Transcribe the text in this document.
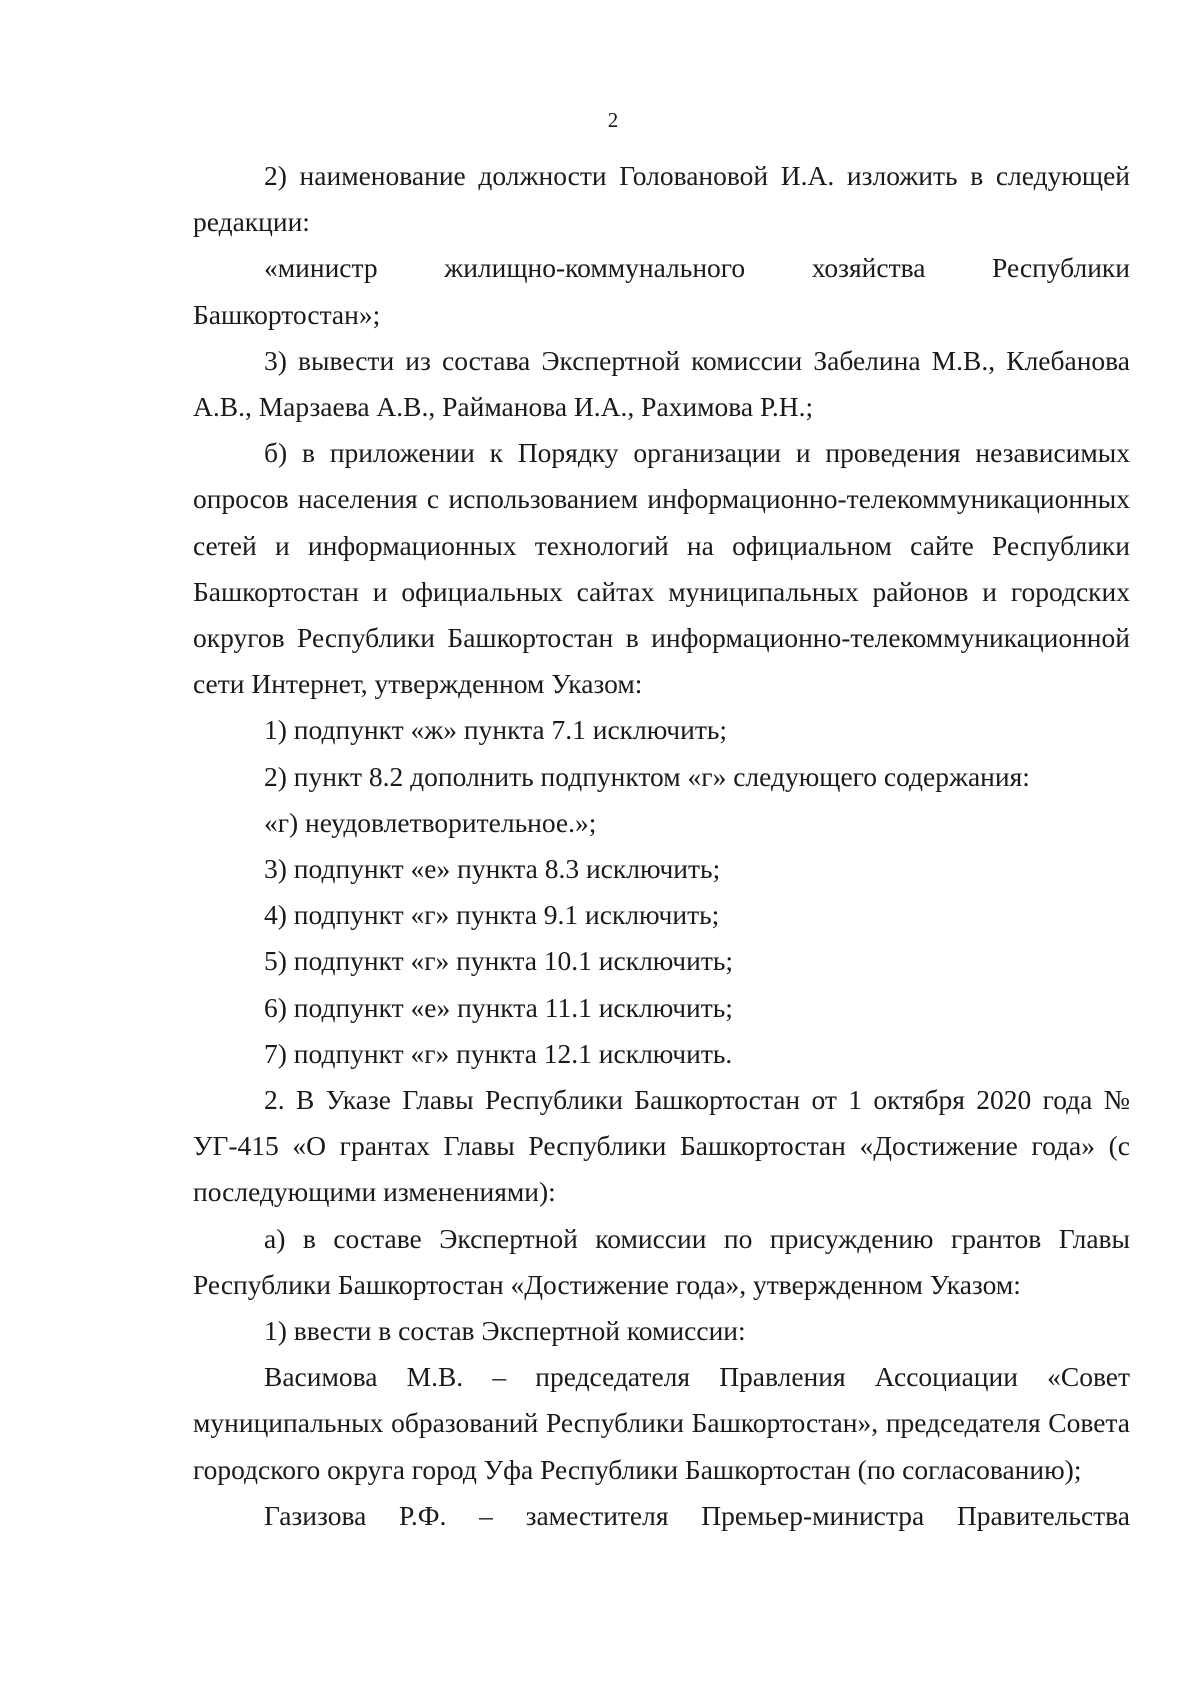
2

2) наименование должности Головановой И.А. изложить в следующей редакции:

«министр жилищно-коммунального хозяйства Республики Башкортостан»;

3) вывести из состава Экспертной комиссии Забелина М.В., Клебанова А.В., Марзаева А.В., Райманова И.А., Рахимова Р.Н.;

б) в приложении к Порядку организации и проведения независимых опросов населения с использованием информационно-телекоммуникационных сетей и информационных технологий на официальном сайте Республики Башкортостан и официальных сайтах муниципальных районов и городских округов Республики Башкортостан в информационно-телекоммуникационной сети Интернет, утвержденном Указом:

1) подпункт «ж» пункта 7.1 исключить;

2) пункт 8.2 дополнить подпунктом «г» следующего содержания:

«г) неудовлетворительное.»;

3) подпункт «е» пункта 8.3 исключить;

4) подпункт «г» пункта 9.1 исключить;

5) подпункт «г» пункта 10.1 исключить;

6) подпункт «е» пункта 11.1 исключить;

7) подпункт «г» пункта 12.1 исключить.

2. В Указе Главы Республики Башкортостан от 1 октября 2020 года № УГ-415 «О грантах Главы Республики Башкортостан «Достижение года» (с последующими изменениями):

а) в составе Экспертной комиссии по присуждению грантов Главы Республики Башкортостан «Достижение года», утвержденном Указом:

1) ввести в состав Экспертной комиссии:

Васимова М.В. – председателя Правления Ассоциации «Совет муниципальных образований Республики Башкортостан», председателя Совета городского округа город Уфа Республики Башкортостан (по согласованию);

Газизова Р.Ф. – заместителя Премьер-министра Правительства
